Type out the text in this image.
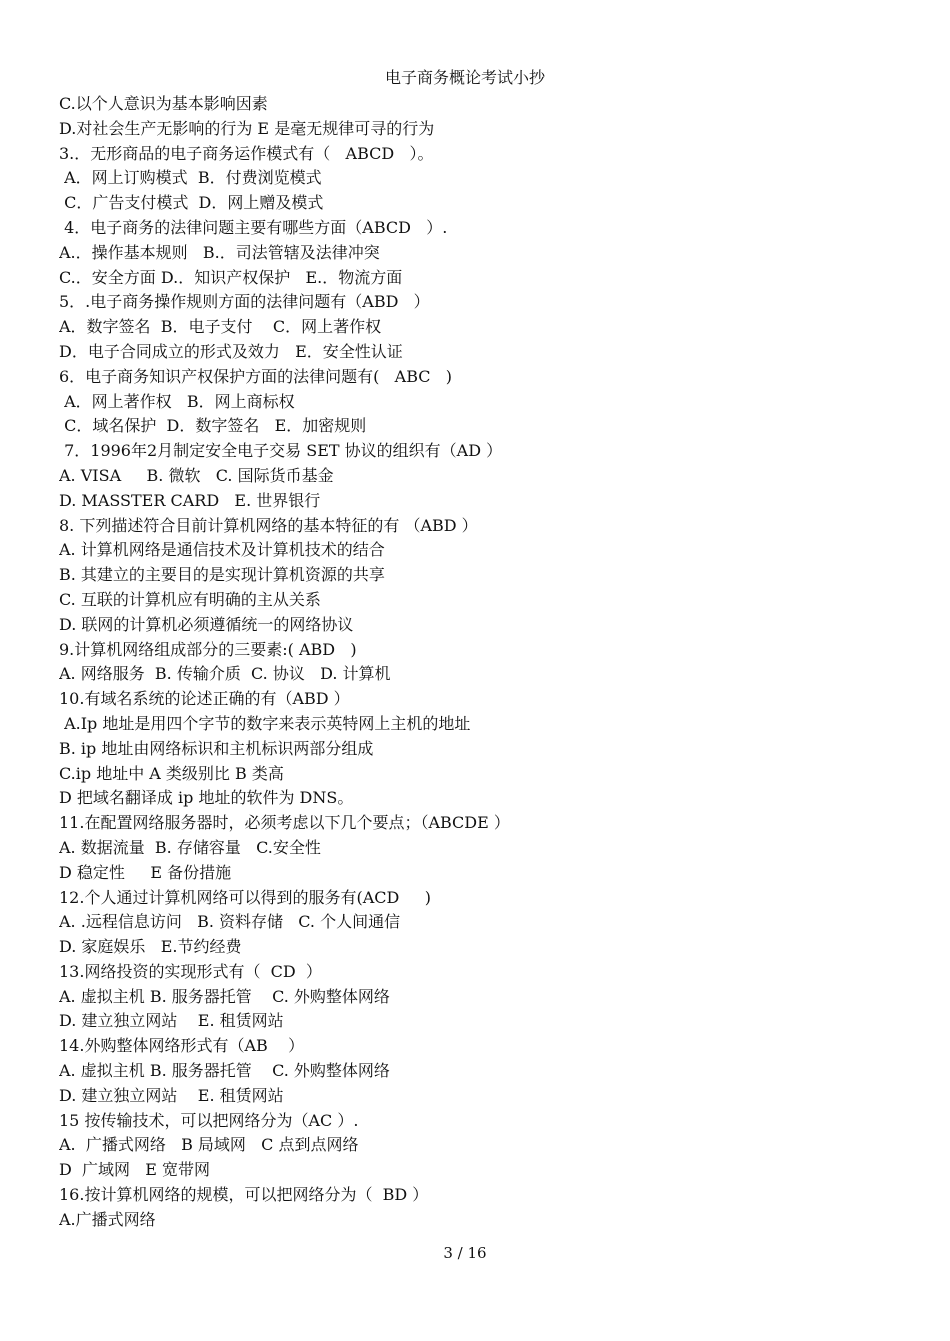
电子商务概论考试小抄
C.以个人意识为基本影响因素
D.对社会生产无影响的行为 E 是毫无规律可寻的行为
3.．无形商品的电子商务运作模式有（   ABCD   ）。
A．网上订购模式  B．付费浏览模式
C．广告支付模式  D．网上赠及模式
4．电子商务的法律问题主要有哪些方面（ABCD   ）.
A.．操作基本规则   B.．司法管辖及法律冲突
C.．安全方面 D.．知识产权保护   E.．物流方面
5．.电子商务操作规则方面的法律问题有（ABD   ）
A．数字签名  B．电子支付    C．网上著作权
D．电子合同成立的形式及效力   E．安全性认证
6．电子商务知识产权保护方面的法律问题有(   ABC   )
A．网上著作权   B．网上商标权
C．域名保护  D．数字签名   E．加密规则
7．1996年2月制定安全电子交易 SET 协议的组织有（AD ）
A. VISA     B. 微软   C. 国际货币基金
D. MASSTER CARD   E. 世界银行
8. 下列描述符合目前计算机网络的基本特征的有 （ABD ）
A. 计算机网络是通信技术及计算机技术的结合
B. 其建立的主要目的是实现计算机资源的共享
C. 互联的计算机应有明确的主从关系
D. 联网的计算机必须遵循统一的网络协议
9.计算机网络组成部分的三要素:( ABD   )
A. 网络服务  B. 传输介质  C. 协议   D. 计算机
10.有域名系统的论述正确的有（ABD ）
A.Ip 地址是用四个字节的数字来表示英特网上主机的地址
B. ip 地址由网络标识和主机标识两部分组成
C.ip 地址中 A 类级别比 B 类高
D 把域名翻译成 ip 地址的软件为 DNS。
11.在配置网络服务器时，必须考虑以下几个要点；（ABCDE ）
A. 数据流量  B. 存储容量   C.安全性
D 稳定性     E 备份措施
12.个人通过计算机网络可以得到的服务有(ACD     )
A. .远程信息访问   B. 资料存储   C. 个人间通信
D. 家庭娱乐   E.节约经费
13.网络投资的实现形式有（  CD  ）
A. 虚拟主机 B. 服务器托管    C. 外购整体网络
D. 建立独立网站    E. 租赁网站
14.外购整体网络形式有（AB    ）
A. 虚拟主机 B. 服务器托管    C. 外购整体网络
D. 建立独立网站    E. 租赁网站
15 按传输技术，可以把网络分为（AC ）.
A.  广播式网络   B 局域网   C 点到点网络
D  广域网   E 宽带网
16.按计算机网络的规模，可以把网络分为（  BD ）
A.广播式网络
3 / 16
